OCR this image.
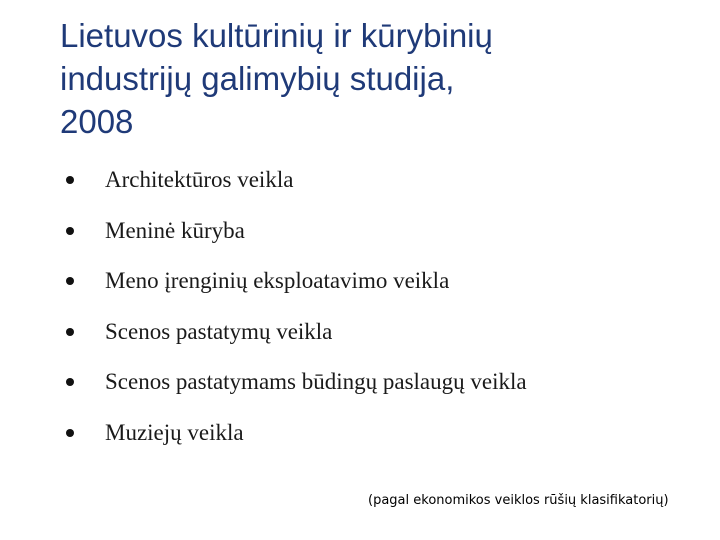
Lietuvos kultūrinių ir kūrybinių
industrijų galimybių studija,
2008
Architektūros veikla
Meninė kūryba
Meno įrenginių eksploatavimo veikla
Scenos pastatymų veikla
Scenos pastatymams būdingų paslaugų veikla
Muziejų veikla
(pagal ekonomikos veiklos rūšių klasifikatorių)
